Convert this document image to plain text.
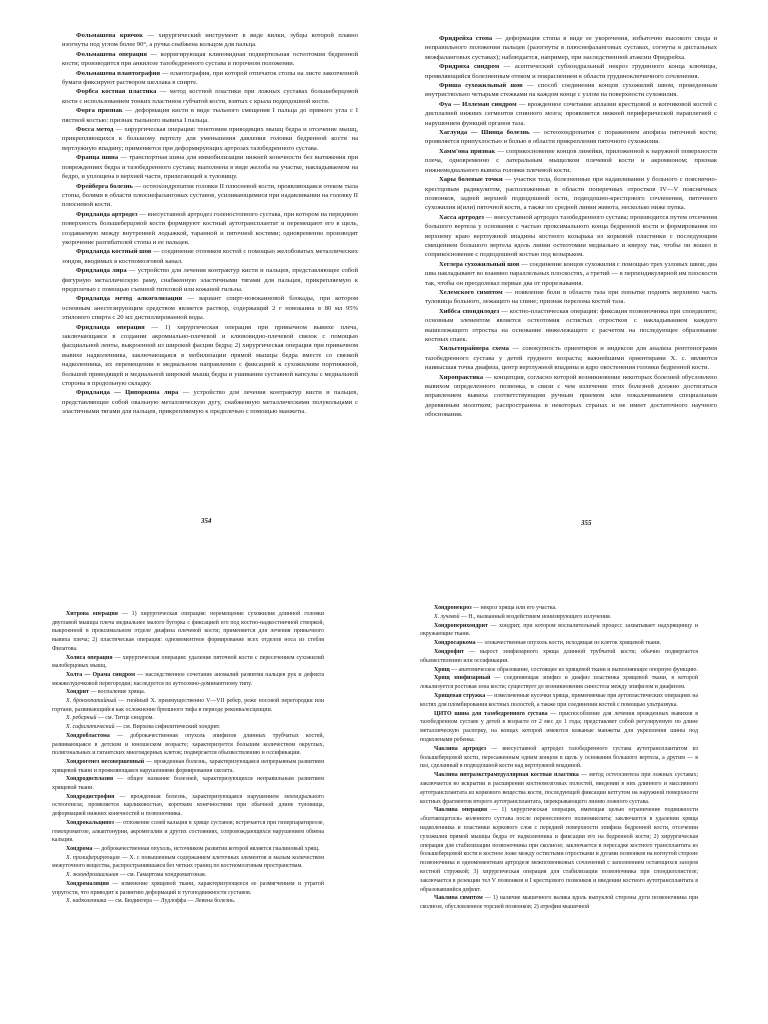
Фольмашена крючок — хирургический инструмент в виде вилки, зубцы которой плавно изогнуты под углом более 90°, а ручка снабжена кольцом для пальца.

Фольмашена операция — корригирующая клиновидная подвертельная остеотомия бедренной кости; производится при анкилозе тазобедренного сустава в порочном положении.

Фольмашена плантография — плантография, при которой отпечаток стопы на листе закопченной бумаги фиксируют раствором шеллака в спирте.

Форбса костная пластика — метод костной пластики при ложных суставах большеберцовой кости с использованием тонких пластинок губчатой кости, взятых с крыла подвздошной кости.

Форга признак — деформация кисти в виде тыльного смещения I пальца до прямого угла с I пястной костью: признак тыльного вывиха I пальца.

Фосса метод — хирургическая операция: тенотомия приводящих мышц бедра и отсечение мышц, прикрепляющихся к большому вертелу для уменьшения давления головки бедренной кости на вертлужную впадину; применяется при деформирующих артрозах тазобедренного сустава.

Франца шина — транспортная шина для иммобилизации нижней конечности без вытяжения при повреждениях бедра и тазобедренного сустава; выполнена в виде желоба на участке, накладываемом на бедро, и уплощена в верхней части, прилегающей к туловищу.

Фрейберга болезнь — остеохондропатия головки II плюсневой кости, проявляющаяся отеком тыла стопы, болями в области плюснефаланговых суставов, усиливающимися при надавливании на головку II плюсневой кости.

Фридланда артродез — внесуставной артродез голеностопного сустава, при котором на переднюю поверхность большеберцовой кости формируют костный аутотрансплантат и перемещают его в щель, создаваемую между внутренней лодыжкой, таранной и пяточной костями; одновременно производят укорочение разгибателей стопы и ее пальцев.

Фридланда костный шов — соединение отломков костей с помощью желобоватых металлических зондов, вводимых в костномозговой канал.

Фридланда лира — устройство для лечения контрактур кисти и пальцев, представляющее собой фигурную металлическую раму, снабженную эластичными тягами для пальцев, прикрепляемую к предплечью с помощью съемной гипсовой или кожаной гильзы.

Фридланда метод алкоголизации — вариант спирт-новокаиновой блокады, при котором основным анестезирующим средством является раствор, содержащий 2 г новокаина в 80 мл 95% этилового спирта с 20 мл дистиллированной воды.

Фридланда операция — 1) хирургическая операция при привычном вывихе плеча, заключающаяся в создании акромиально-плечевой и клювовидно-плечевой связок с помощью фасциальной ленты, выкроенной из широкой фасции бедра; 2) хирургическая операция при привычном вывихе надколенника, заключающаяся в мобилизации прямой мышцы бедра вместе со связкой надколенника, их перемещении в медиальном направлении с фиксацией к сухожилиям портняжной, большой приводящей и медиальной широкой мышц бедра и ушивании суставной капсулы с медиальной стороны в продольную складку.

Фридланда — Ципоркина лира — устройство для лечения контрактур кисти и пальцев, представляющее собой овальную металлическую дугу, снабженную металлическими полукольцами с эластичными тягами для пальцев, прикрепляемую к предплечью с помощью манжеты.

354

Фридрейха стопа — деформация стопы в виде ее укорочения, избыточно высокого свода и неправильного положения пальцев (разогнуты в плюснефаланговых суставах, согнуты в дистальных межфаланговых суставах); наблюдается, например, при наследственной атаксии Фридрейха.

Фридриха синдром — асептический субхондральный некроз грудинного конца ключицы, проявляющийся болезненным отеком и покраснением в области грудиноключичного сочленения.

Фриша сухожильный шов — способ соединения концов сухожилий швом, проведенным внутриствольно четырьмя стежками на каждом конце с узлом на поверхности сухожилия.

Фуа — Иллеман синдром — врожденное сочетание аплазии крестцовой и копчиковой костей с дисплазией нижних сегментов спинного мозга; проявляется нижней периферической параплегией с нарушением функций органов таза.

Хаглунда — Шинца болезнь — остеохондропатия с поражением апофиза пяточной кости; проявляется припухлостью и болью в области прикрепления пяточного сухожилия.

Хамм'она признак — соприкосновение концов линейки, приложенной к наружной поверхности плеча, одновременно с латеральным мыщелком плечевой кости и акромионом; признак нижнемедиального вывиха головки плечевой кости.

Хары болевые точки — участки тела, болезненные при надавливании у больного с пояснично-крестцовым радикулитом, расположенные в области поперечных отростков IV—V поясничных позвонков, задней верхней подвздошной ости, подвздошно-крестцового сочленения, пяточного сухожилия и(или) пяточной кости, а также по средней линии живота, несколько ниже пупка.

Хасса артродез — внесуставной артродез тазобедренного сустава; производится путем отсечения большого вертела у основания с частью проксимального конца бедренной кости и формирования по верхнему краю вертлужной впадины костного козырька из корковой пластинки с последующим смещением большого вертела вдоль линии остеотомии медиально и кверху так, чтобы он вошел в соприкосновение с подвздошной костью под козырьком.

Хеглера сухожильный шов — соединение концов сухожилия с помощью трех узловых швов; два шва накладывают во взаимно параллельных плоскостях, а третий — в перпендикулярной им плоскости так, чтобы он преодолевал первые два от прорезывания.

Хелемского симптом — появление боли в области таза при попытке поднять верхнюю часть туловища больного, лежащего на спине; признак перелома костей таза.

Хиббса спондилодез — костно-пластическая операция: фиксация позвоночника при спондилите; основным элементом является остеотомия остистых отростков с накладыванием каждого вышележащего отростка на основание нижележащего с расчетом на последующее образование костных спаек.

Хильгенрайнера схема — совокупность ориентиров и индексов для анализа рентгенограмм тазобедренного сустава у детей грудного возраста; важнейшими ориентирами X. с. являются наивысшая точка диафиза, центр вертлужной впадины и ядро окостенения головки бедренной кости.

Хиропрактика — концепция, согласно которой возникновение некоторых болезней обусловлено вывихом определенного позвонка, в связи с чем излечение этих болезней должно достигаться вправлением вывиха соответствующим ручным приемом или покалачиванием специальным деревянным молотком; распространена в некоторых странах и не имеет достаточного научного обоснования.

355

Хитрова операция — 1) хирургическая операция: перемещение сухожилия длинной головки двуглавой мышцы плеча медиальнее малого бугорка с фиксацией его под костно-надкостничной створкой, выкроенной в проксимальном отделе диафиза плечевой кости; применяется для лечения привычного вывиха плеча; 2) пластическая операция: одномоментное формирование всех отделов носа из стебля Филатова.

Холиса операция — хирургическая операция: удаление пяточной кости с пересечением сухожилий малоберцовых мышц.

Холта — Орама синдром — наследственное сочетание аномалий развития пальцев рук и дефекта межжелудочковой перегородки; наследуется по аутосомно-доминантному типу.

Хондрит — воспаление хряща.

Х. бронхопатийный — гнойный Х. преимущественно V—VII ребер, реже носовой перегородки или гортани, развивающийся как осложнение брюшного тифа в периоде реконвалесценции.

Х. реберный — см. Титце синдром.

Х. сифилитический — см. Вирхова сифилитический хондрит.

Хондробластома — доброкачественная опухоль эпифизов длинных трубчатых костей, развивающаяся в детском и юношеском возрасте; характеризуется большим количеством округлых, полигональных и гигантских многоядерных клеток; подвергается обызвествлению и оссификации.

Хондрогенез несовершенный — врожденная болезнь, характеризующаяся непрерывным развитием хрящевой ткани и проявляющаяся нарушениями формирования скелета.

Хондродисплазия — общее название болезней, характеризующихся неправильным развитием хрящевой ткани.

Хондродистрофия — врожденная болезнь, характеризующаяся нарушением энхондрального остеогенеза; проявляется карликовостью, коротким конечностями при обычной длине туловища, деформацией нижних конечностей и позвоночника.

Хондрокальциноз — отложение солей кальция в хряще суставов; встречается при гиперпаратиреозе, гемохроматозе, алкаптонурии, акромегалии и других состояниях, сопровождающихся нарушением обмена кальция.

Хондрома — доброкачественная опухоль, источником развития которой является гиалиновый хрящ.

Х. пролиферирующая — Х. с повышенным содержанием клеточных элементов и малым количеством межуточного вещества, распространившаяся без четких границ по костномозговым пространствам.

Х. экхондромиальная — см. Гамартома хондроматозная.

Хондромаляция — изменение хрящевой ткани, характеризующееся ее размягчением и утратой упругости, что приводит к развитию деформаций и тугоподвижности суставов.

Х. надколенника — см. Бюдингера — Лудлоффа — Левена болезнь.

Хондронекроз — некроз хряща или его участка.

Х. лучевой — Н., вызванный воздействием ионизирующего излучения.

Хондроперихондрит — хондрит, при котором воспалительный процесс захватывает надхрящницу и окружающие ткани.

Хондросаркома — злокачественная опухоль кости, исходящая из клеток хрящевой ткани.

Хондрофит — вырост эпифизарного хряща длинной трубчатой кости; обычно подвергается обызвествлению или оссификации.

Хрящ — анатомическое образование, состоящее из хрящевой ткани и выполняющее опорную функцию.

Хрящ эпифизарный — соединяющая эпифиз и диафиз пластинка хрящевой ткани, в которой локализуется ростовая зона кости; существует до возникновения синостоза между эпифизом и диафизом.

Хрящевая стружка — измельченные кусочки хряща, применяемые при аутопластических операциях на костях для пломбирования костных полостей, а также при соединении костей с помощью ультразвука.

ЦИТО шина для тазобедренного сустава — приспособление для лечения врожденных вывихов в тазобедренном суставе у детей в возрасте от 2 мес до 1 года; представляет собой регулируемую по длине металлическую распорку, на концах которой имеются кожаные манжеты для укрепления шины под подколенами ребенка.

Чаклина артродез — внесуставной артродез тазобедренного сустава аутотрансплантатом из большеберцовой кости, пересаженным одним концом в щель у основания большого вертела, а другим — в паз, сделанный в подвздошной кости над вертлужной впадиной.

Чаклина интраэкстрамедуллярная костная пластика — метод остеосинтеза при ложных суставах; заключается во вскрытии и расширении костномозговых полостей, введении в них длинного и массивного аутотрансплантата из коркового вещества кости, последующей фиксации кетгутом на наружной поверхности костных фрагментов второго аутотрансплантата, перекрывающего линию ложного сустава.

Чаклина операция — 1) хирургическая операция, имеющая целью ограничение подвижности «болтающегося» коленного сустава после перенесенного полиомиелита; заключается в удалении хряща надколенника и пластинки коркового слоя с передней поверхности эпифиза бедренной кости, отсечении сухожилия прямой мышцы бедра от надколенника и фиксации его на бедренной кости; 2) хирургическая операция для стабилизации позвоночника при сколиозе; заключается в пересадке костного трансплантата из большеберцовой кости в костное ложе между остистыми отростками и дугами позвонков на вогнутой стороне позвоночника и одномоментным артродезе межпозвонковых сочленений с заполнением остающихся зазоров костной стружкой; 3) хирургическая операция для стабилизации позвоночника при спондилолистезе; заключается в резекции тел V позвонков и I крестцового позвонков и введении костного аутотрансплантата в образовавшийся дефект.

Чаклина симптом — 1) наличие мышечного валика вдоль выпуклой стороны дуги позвоночника при сколиозе, обусловленное торсией позвонков; 2) атрофия мышечной
